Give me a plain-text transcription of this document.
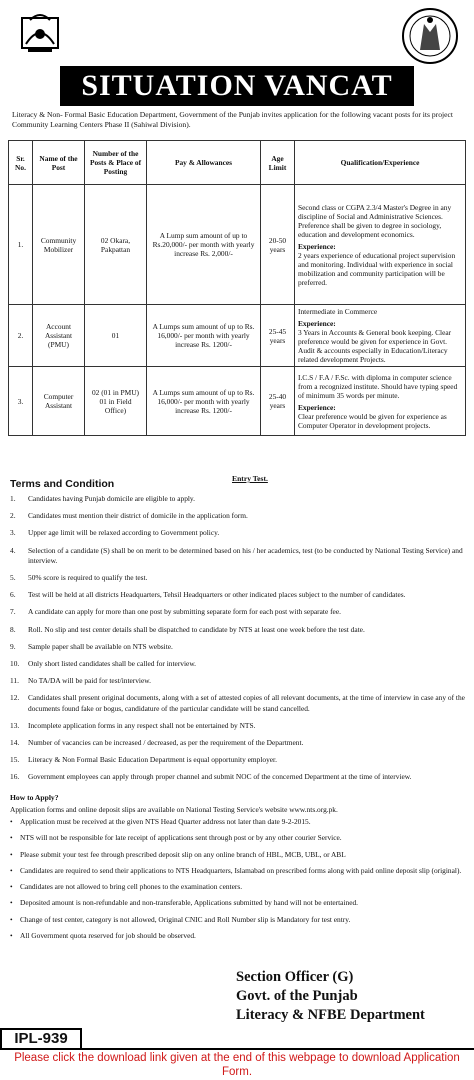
SITUATION VANCAT

Literacy & Non- Formal Basic Education Department, Government of the Punjab invites application for the following vacant posts for its project Community Learning Centers Phase II (Sahiwal Division).

Sr. No.	Name of the Post	Number of the Posts & Place of Posting	Pay & Allowances	Age Limit	Qualification/Experience
1.	Community Mobilizer	02 Okara, Pakpattan	A Lump sum amount of up to Rs.20,000/- per month with yearly increase Rs. 2,000/-	20-50 years	Second class or CGPA 2.3/4 Master's Degree in any discipline of Social and Administrative Sciences. Preference shall be given to degree in sociology, education and development economics.
Experience:
2 years experience of educational project supervision and monitoring. Individual with experience in social mobilization and community participation will be preferred.
2.	Account Assistant (PMU)	01	A Lumps sum amount of up to Rs. 16,000/- per month with yearly increase Rs. 1200/-	25-45 years	Intermediate in Commerce
Experience:
3 Years in Accounts & General book keeping. Clear preference would be given for experience in Govt. Audit & accounts especially in Education/Literacy related development Projects.
3.	Computer Assistant	02 (01 in PMU) 01 in Field Office)	A Lumps sum amount of up to Rs. 16,000/- per month with yearly increase Rs. 1200/-	25-40 years	I.C.S / F.A / F.Sc. with diploma in computer science from a recognized institute. Should have typing speed of minimum 35 words per minute.
Experience:
Clear preference would be given for experience as Computer Operator in development projects.
Entry Test.
Terms and Condition
1. Candidates having Punjab domicile are eligible to apply.
2. Candidates must mention their district of domicile in the application form.
3. Upper age limit will be relaxed according to Government policy.
4. Selection of a candidate (S) shall be on merit to be determined based on his / her academics, test (to be conducted by National Testing Service) and interview.
5. 50% score is required to qualify the test.
6. Test will be held at all districts Headquarters, Tehsil Headquarters or other indicated places subject to the number of candidates.
7. A candidate can apply for more than one post by submitting separate form for each post with separate fee.
8. Roll. No slip and test center details shall be dispatched to candidate by NTS at least one week before the test date.
9. Sample paper shall be available on NTS website.
10. Only short listed candidates shall be called for interview.
11. No TA/DA will be paid for test/interview.
12. Candidates shall present original documents, along with a set of attested copies of all relevant documents, at the time of interview in case any of the documents found fake or bogus, candidature of the particular candidate will be stand cancelled.
13. Incomplete application forms in any respect shall not be entertained by NTS.
14. Number of vacancies can be increased / decreased, as per the requirement of the Department.
15. Literacy & Non Formal Basic Education Department is equal opportunity employer.
16. Government employees can apply through proper channel and submit NOC of the concerned Department at the time of interview.
How to Apply?
Application forms and online deposit slips are available on National Testing Service's website www.nts.org.pk.
• Application must be received at the given NTS Head Quarter address not later than date 9-2-2015.
• NTS will not be responsible for late receipt of applications sent through post or by any other courier Service.
• Please submit your test fee through prescribed deposit slip on any online branch of HBL, MCB, UBL, or ABL
• Candidates are required to send their applications to NTS Headquarters, Islamabad on prescribed forms along with paid online deposit slip (original).
• Candidates are not allowed to bring cell phones to the examination centers.
• Deposited amount is non-refundable and non-transferable, Applications submitted by hand will not be entertained.
• Change of test center, category is not allowed, Original CNIC and Roll Number slip is Mandatory for test entry.
• All Government quota reserved for job should be observed.
Section Officer (G)
Govt. of the Punjab
Literacy & NFBE Department
IPL-939
Please click the download link given at the end of this webpage to download Application Form.
